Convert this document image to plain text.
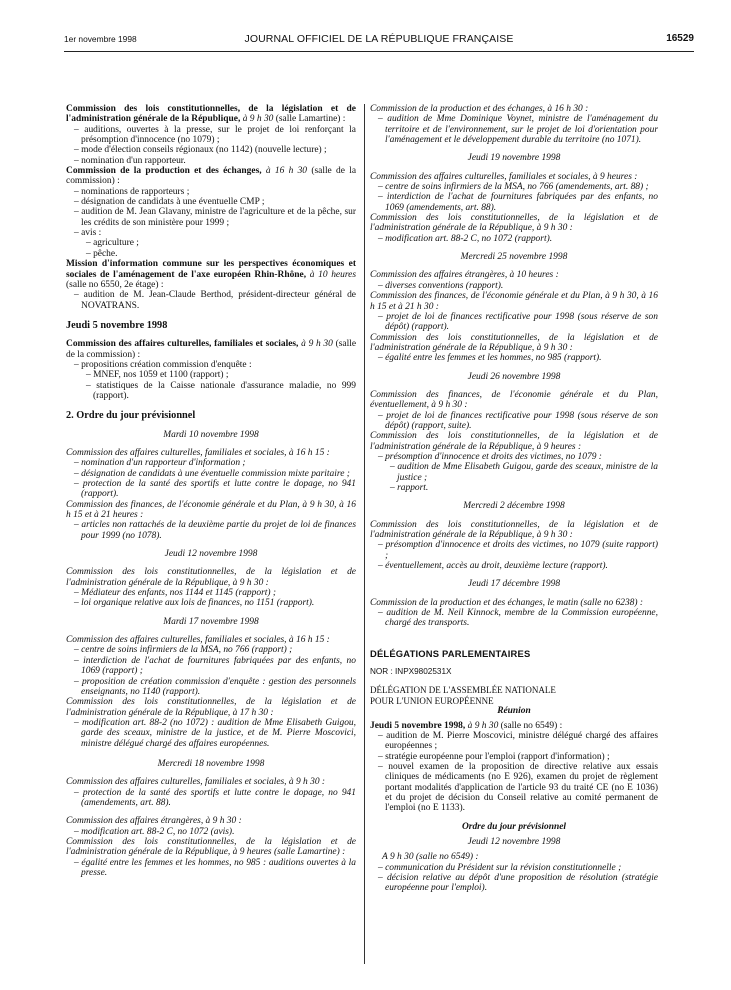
1er novembre 1998	JOURNAL OFFICIEL DE LA RÉPUBLIQUE FRANÇAISE	16529

Commission des lois constitutionnelles, de la législation et de l'administration générale de la République, à 9 h 30 (salle Lamartine) :

– auditions, ouvertes à la presse, sur le projet de loi renforçant la présomption d'innocence (no 1079) ;
– mode d'élection conseils régionaux (no 1142) (nouvelle lecture) ;
– nomination d'un rapporteur.

Commission de la production et des échanges, à 16 h 30 (salle de la commission) :

– nominations de rapporteurs ;
– désignation de candidats à une éventuelle CMP ;
– audition de M. Jean Glavany, ministre de l'agriculture et de la pêche, sur les crédits de son ministère pour 1999 ;
– avis :
– agriculture ;
– pêche.

Mission d'information commune sur les perspectives économiques et sociales de l'aménagement de l'axe européen Rhin-Rhône, à 10 heures (salle no 6550, 2e étage) :

– audition de M. Jean-Claude Berthod, président-directeur général de NOVATRANS.

Jeudi 5 novembre 1998

Commission des affaires culturelles, familiales et sociales, à 9 h 30 (salle de la commission) :

– propositions création commission d'enquête :
– MNEF, nos 1059 et 1100 (rapport) ;
– statistiques de la Caisse nationale d'assurance maladie, no 999 (rapport).

2. Ordre du jour prévisionnel

Mardi 10 novembre 1998

Commission des affaires culturelles, familiales et sociales, à 16 h 15 :

– nomination d'un rapporteur d'information ;
– désignation de candidats à une éventuelle commission mixte paritaire ;
– protection de la santé des sportifs et lutte contre le dopage, no 941 (rapport).

Commission des finances, de l'économie générale et du Plan, à 9 h 30, à 16 h 15 et à 21 heures :

– articles non rattachés de la deuxième partie du projet de loi de finances pour 1999 (no 1078).

Jeudi 12 novembre 1998

Commission des lois constitutionnelles, de la législation et de l'administration générale de la République, à 9 h 30 :

– Médiateur des enfants, nos 1144 et 1145 (rapport) ;
– loi organique relative aux lois de finances, no 1151 (rapport).

Mardi 17 novembre 1998

Commission des affaires culturelles, familiales et sociales, à 16 h 15 :

– centre de soins infirmiers de la MSA, no 766 (rapport) ;
– interdiction de l'achat de fournitures fabriquées par des enfants, no 1069 (rapport) ;
– proposition de création commission d'enquête : gestion des personnels enseignants, no 1140 (rapport).

Commission des lois constitutionnelles, de la législation et de l'administration générale de la République, à 17 h 30 :

– modification art. 88-2 (no 1072) : audition de Mme Elisabeth Guigou, garde des sceaux, ministre de la justice, et de M. Pierre Moscovici, ministre délégué chargé des affaires européennes.

Mercredi 18 novembre 1998

Commission des affaires culturelles, familiales et sociales, à 9 h 30 :

– protection de la santé des sportifs et lutte contre le dopage, no 941 (amendements, art. 88).

Commission des affaires étrangères, à 9 h 30 :

– modification art. 88-2 C, no 1072 (avis).

Commission des lois constitutionnelles, de la législation et de l'administration générale de la République, à 9 heures (salle Lamartine) :

– égalité entre les femmes et les hommes, no 985 : auditions ouvertes à la presse.

Commission de la production et des échanges, à 16 h 30 :

– audition de Mme Dominique Voynet, ministre de l'aménagement du territoire et de l'environnement, sur le projet de loi d'orientation pour l'aménagement et le développement durable du territoire (no 1071).

Jeudi 19 novembre 1998

Commission des affaires culturelles, familiales et sociales, à 9 heures :

– centre de soins infirmiers de la MSA, no 766 (amendements, art. 88) ;
– interdiction de l'achat de fournitures fabriquées par des enfants, no 1069 (amendements, art. 88).

Commission des lois constitutionnelles, de la législation et de l'administration générale de la République, à 9 h 30 :

– modification art. 88-2 C, no 1072 (rapport).

Mercredi 25 novembre 1998

Commission des affaires étrangères, à 10 heures :

– diverses conventions (rapport).

Commission des finances, de l'économie générale et du Plan, à 9 h 30, à 16 h 15 et à 21 h 30 :

– projet de loi de finances rectificative pour 1998 (sous réserve de son dépôt) (rapport).

Commission des lois constitutionnelles, de la législation et de l'administration générale de la République, à 9 h 30 :

– égalité entre les femmes et les hommes, no 985 (rapport).

Jeudi 26 novembre 1998

Commission des finances, de l'économie générale et du Plan, éventuellement, à 9 h 30 :

– projet de loi de finances rectificative pour 1998 (sous réserve de son dépôt) (rapport, suite).

Commission des lois constitutionnelles, de la législation et de l'administration générale de la République, à 9 heures :

– présomption d'innocence et droits des victimes, no 1079 :
– audition de Mme Elisabeth Guigou, garde des sceaux, ministre de la justice ;
– rapport.

Mercredi 2 décembre 1998

Commission des lois constitutionnelles, de la législation et de l'administration générale de la République, à 9 h 30 :

– présomption d'innocence et droits des victimes, no 1079 (suite rapport) ;
– éventuellement, accès au droit, deuxième lecture (rapport).

Jeudi 17 décembre 1998

Commission de la production et des échanges, le matin (salle no 6238) :

– audition de M. Neil Kinnock, membre de la Commission européenne, chargé des transports.

DÉLÉGATIONS PARLEMENTAIRES

NOR : INPX9802531X

DÉLÉGATION DE L'ASSEMBLÉE NATIONALE

POUR L'UNION EUROPÉENNE

Réunion

Jeudi 5 novembre 1998, à 9 h 30 (salle no 6549) :

– audition de M. Pierre Moscovici, ministre délégué chargé des affaires européennes ;
– stratégie européenne pour l'emploi (rapport d'information) ;
– nouvel examen de la proposition de directive relative aux essais cliniques de médicaments (no E 926), examen du projet de règlement portant modalités d'application de l'article 93 du traité CE (no E 1036) et du projet de décision du Conseil relative au comité permanent de l'emploi (no E 1133).

Ordre du jour prévisionnel

Jeudi 12 novembre 1998

A 9 h 30 (salle no 6549) :

– communication du Président sur la révision constitutionnelle ;
– décision relative au dépôt d'une proposition de résolution (stratégie européenne pour l'emploi).
